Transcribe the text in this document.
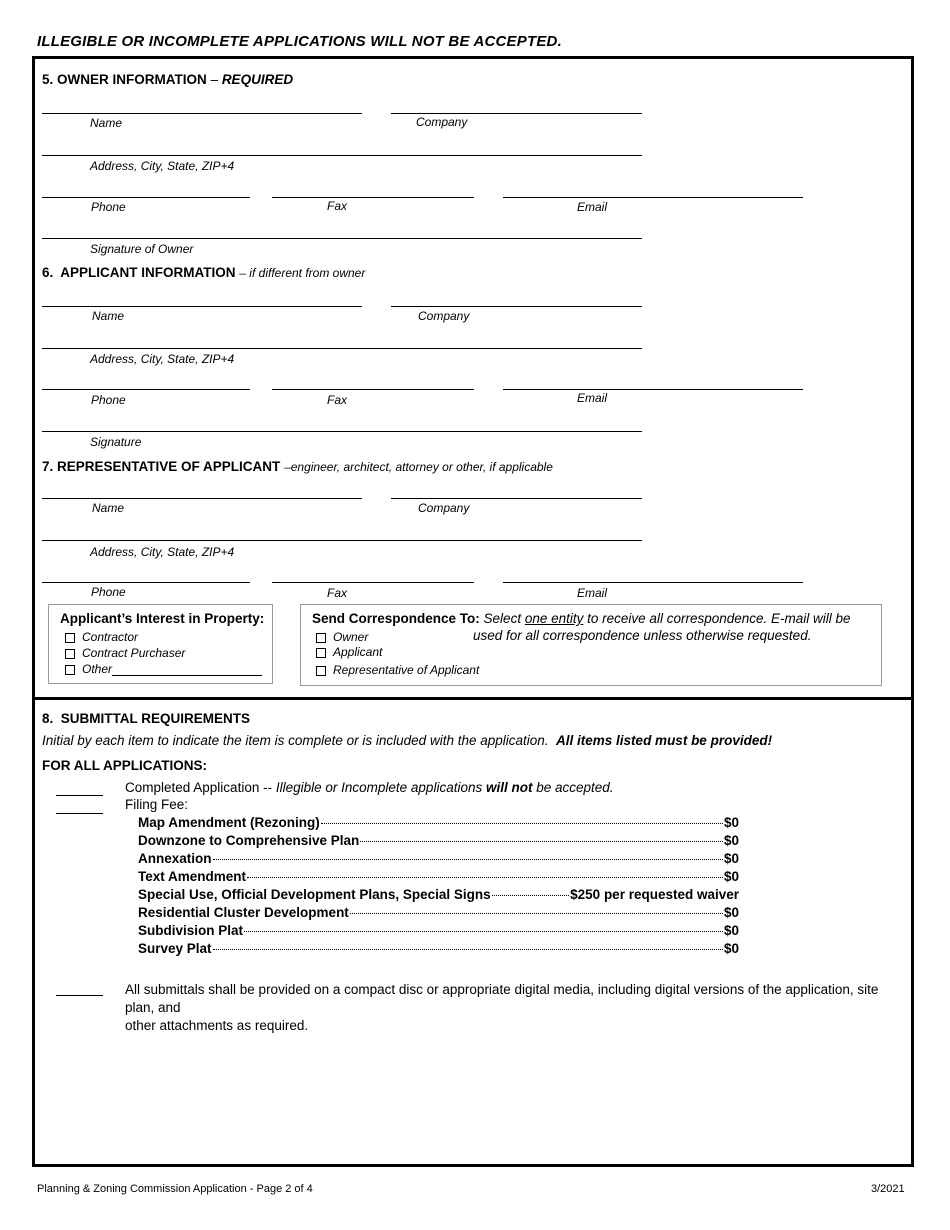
ILLEGIBLE OR INCOMPLETE APPLICATIONS WILL NOT BE ACCEPTED.
5. OWNER INFORMATION – REQUIRED
Name	Company
Address, City, State, ZIP+4
Phone	Fax	Email
Signature of Owner
6. APPLICANT INFORMATION – if different from owner
Name	Company
Address, City, State, ZIP+4
Phone	Fax	Email
Signature
7. REPRESENTATIVE OF APPLICANT –engineer, architect, attorney or other, if applicable
Name	Company
Address, City, State, ZIP+4
Phone	Fax	Email
Applicant’s Interest in Property:
Contractor
Contract Purchaser
Other
Send Correspondence To: Select one entity to receive all correspondence. E-mail will be
used for all correspondence unless otherwise requested.
Owner
Applicant
Representative of Applicant
8. SUBMITTAL REQUIREMENTS
Initial by each item to indicate the item is complete or is included with the application. All items listed must be provided!
FOR ALL APPLICATIONS:
Completed Application -- Illegible or Incomplete applications will not be accepted.
Filing Fee:
Map Amendment (Rezoning)	$0
Downzone to Comprehensive Plan	$0
Annexation	$0
Text Amendment	$0
Special Use, Official Development Plans, Special Signs	$250 per requested waiver
Residential Cluster Development	$0
Subdivision Plat	$0
Survey Plat	$0
All submittals shall be provided on a compact disc or appropriate digital media, including digital versions of the application, site plan, and
other attachments as required.
Planning & Zoning Commission Application - Page 2 of 4	3/2021
